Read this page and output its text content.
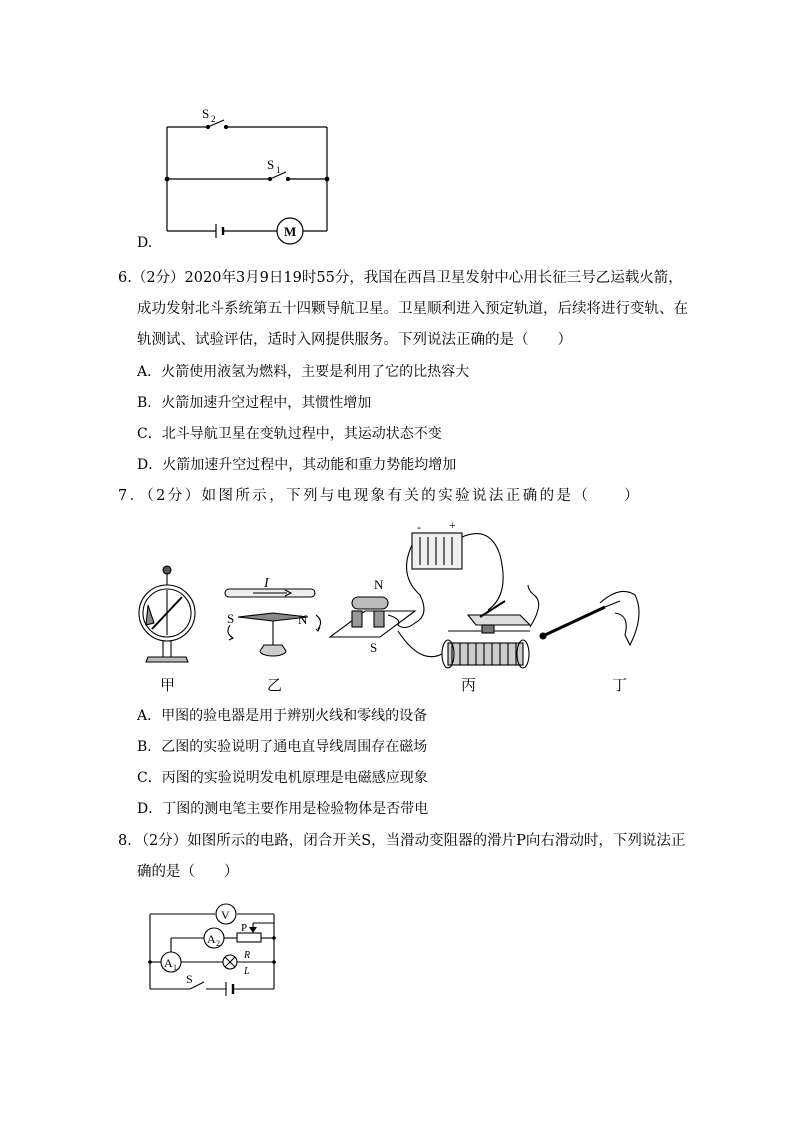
S 2
S 1
M
D.
6.（2分）2020年3月9日19时55分，我国在西昌卫星发射中心用长征三号乙运载火箭，
成功发射北斗系统第五十四颗导航卫星。卫星顺利进入预定轨道，后续将进行变轨、在
轨测试、试验评估，适时入网提供服务。下列说法正确的是（　　）
A．火箭使用液氢为燃料，主要是利用了它的比热容大
B．火箭加速升空过程中，其惯性增加
C．北斗导航卫星在变轨过程中，其运动状态不变
D．火箭加速升空过程中，其动能和重力势能均增加
7．（2分）如图所示，下列与电现象有关的实验说法正确的是（　　）
I
S	N
N
S
- +
甲	乙	丙	丁
A．甲图的验电器是用于辨别火线和零线的设备
B．乙图的实验说明了通电直导线周围存在磁场
C．丙图的实验说明发电机原理是电磁感应现象
D．丁图的测电笔主要作用是检验物体是否带电
8．（2分）如图所示的电路，闭合开关S，当滑动变阻器的滑片P向右滑动时，下列说法正
确的是（　　）
V
A 2
A 1
P
R
L
S
